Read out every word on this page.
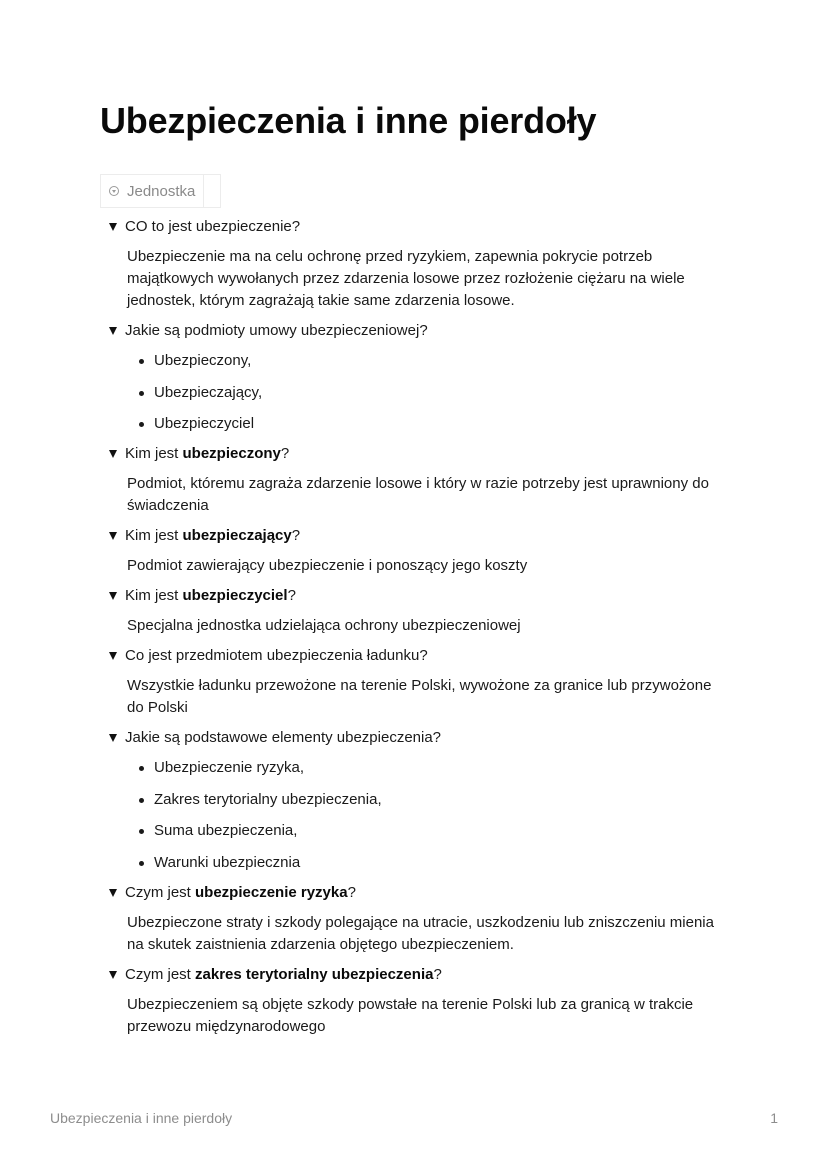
Ubezpieczenia i inne pierdoły
Jednostka
CO to jest ubezpieczenie?

Ubezpieczenie ma na celu ochronę przed ryzykiem, zapewnia pokrycie potrzeb majątkowych wywołanych przez zdarzenia losowe przez rozłożenie ciężaru na wiele jednostek, którym zagrażają takie same zdarzenia losowe.

Jakie są podmioty umowy ubezpieczeniowej?
Ubezpieczony,
Ubezpieczający,
Ubezpieczyciel
Kim jest ubezpieczony?

Podmiot, któremu zagraża zdarzenie losowe i który w razie potrzeby jest uprawniony do świadczenia

Kim jest ubezpieczający?

Podmiot zawierający ubezpieczenie i ponoszący jego koszty

Kim jest ubezpieczyciel?

Specjalna jednostka udzielająca ochrony ubezpieczeniowej

Co jest przedmiotem ubezpieczenia ładunku?

Wszystkie ładunku przewożone na terenie Polski, wywożone za granice lub przywożone do Polski

Jakie są podstawowe elementy ubezpieczenia?
Ubezpieczenie ryzyka,
Zakres terytorialny ubezpieczenia,
Suma ubezpieczenia,
Warunki ubezpiecznia
Czym jest ubezpieczenie ryzyka?

Ubezpieczone straty i szkody polegające na utracie, uszkodzeniu lub zniszczeniu mienia na skutek zaistnienia zdarzenia objętego ubezpieczeniem.

Czym jest zakres terytorialny ubezpieczenia?

Ubezpieczeniem są objęte szkody powstałe na terenie Polski lub za granicą w trakcie przewozu międzynarodowego

Ubezpieczenia i inne pierdoły	1
